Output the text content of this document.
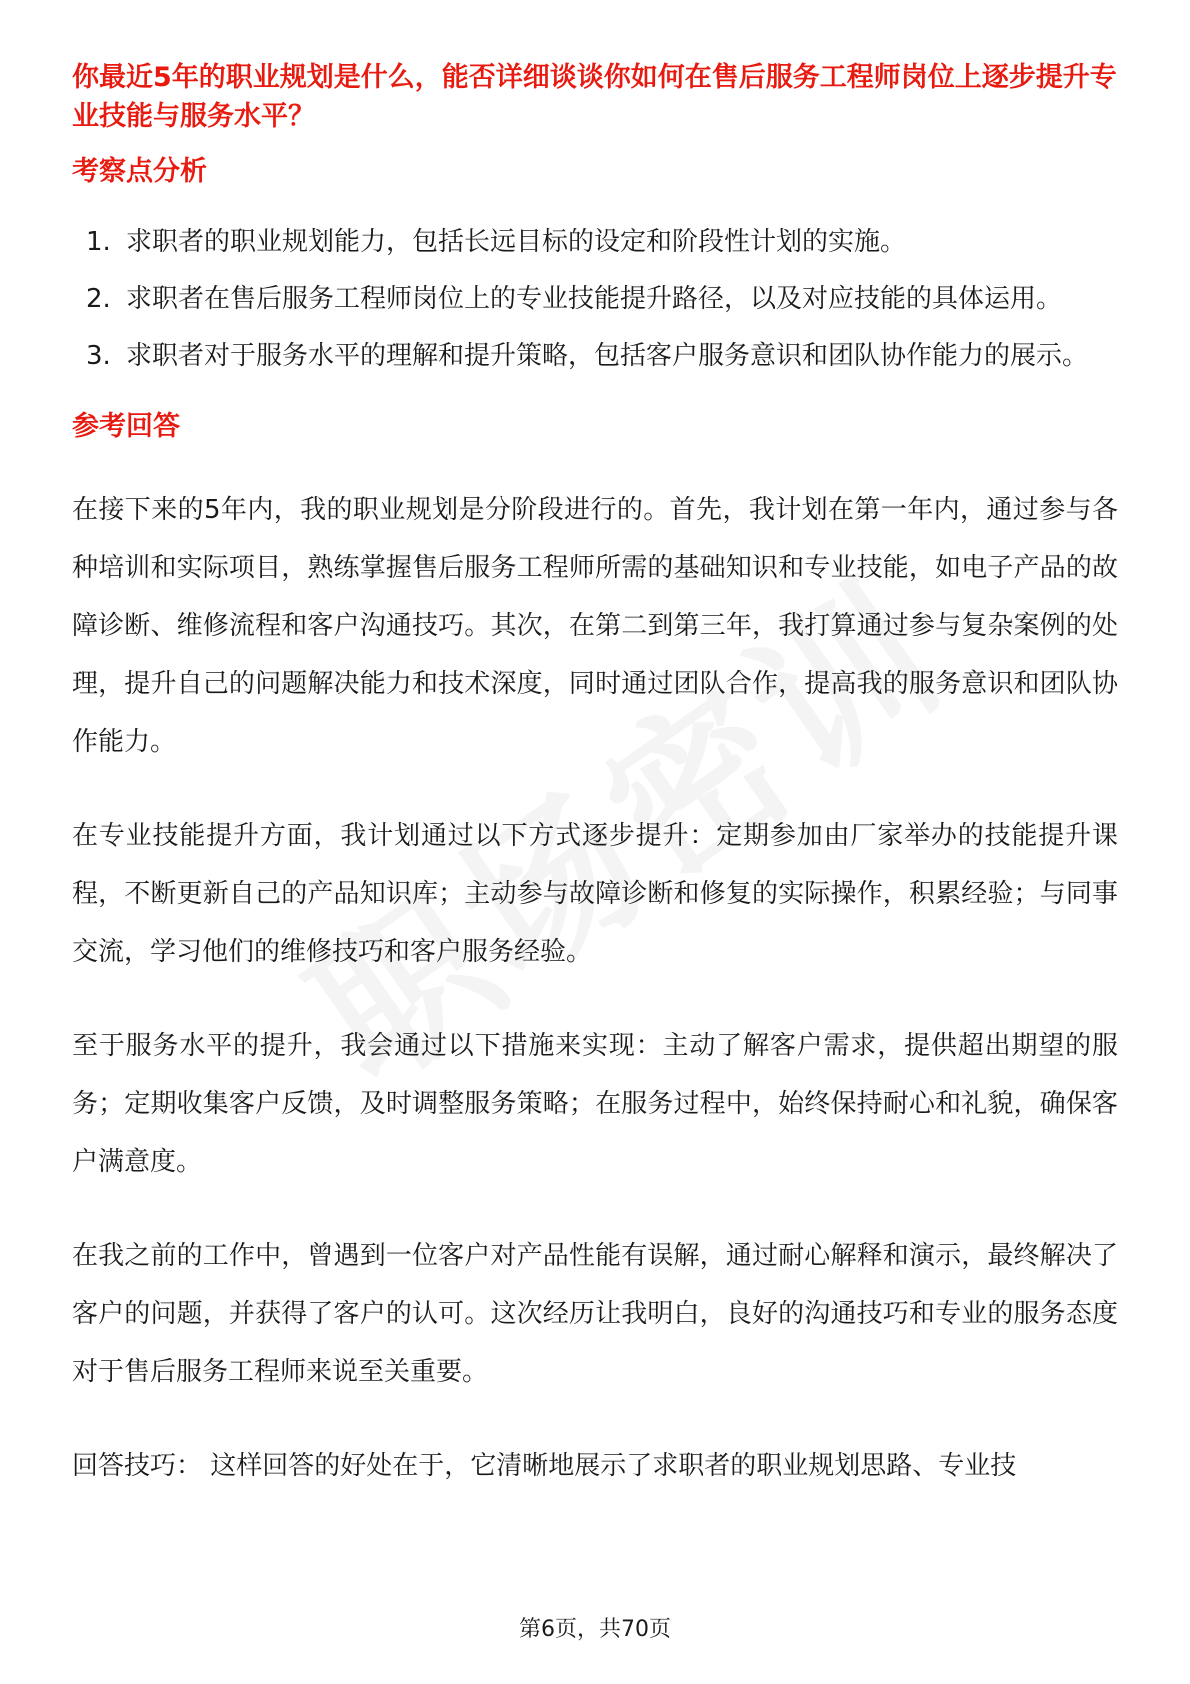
你最近5年的职业规划是什么，能否详细谈谈你如何在售后服务工程师岗位上逐步提升专业技能与服务水平？

考察点分析
1. 求职者的职业规划能力，包括长远目标的设定和阶段性计划的实施。
2. 求职者在售后服务工程师岗位上的专业技能提升路径，以及对应技能的具体运用。
3. 求职者对于服务水平的理解和提升策略，包括客户服务意识和团队协作能力的展示。
参考回答

在接下来的5年内，我的职业规划是分阶段进行的。首先，我计划在第一年内，通过参与各种培训和实际项目，熟练掌握售后服务工程师所需的基础知识和专业技能，如电子产品的故障诊断、维修流程和客户沟通技巧。其次，在第二到第三年，我打算通过参与复杂案例的处理，提升自己的问题解决能力和技术深度，同时通过团队合作，提高我的服务意识和团队协作能力。

在专业技能提升方面，我计划通过以下方式逐步提升：定期参加由厂家举办的技能提升课程，不断更新自己的产品知识库；主动参与故障诊断和修复的实际操作，积累经验；与同事交流，学习他们的维修技巧和客户服务经验。

至于服务水平的提升，我会通过以下措施来实现：主动了解客户需求，提供超出期望的服务；定期收集客户反馈，及时调整服务策略；在服务过程中，始终保持耐心和礼貌，确保客户满意度。

在我之前的工作中，曾遇到一位客户对产品性能有误解，通过耐心解释和演示，最终解决了客户的问题，并获得了客户的认可。这次经历让我明白，良好的沟通技巧和专业的服务态度对于售后服务工程师来说至关重要。

回答技巧： 这样回答的好处在于，它清晰地展示了求职者的职业规划思路、专业技

第6页，共70页
